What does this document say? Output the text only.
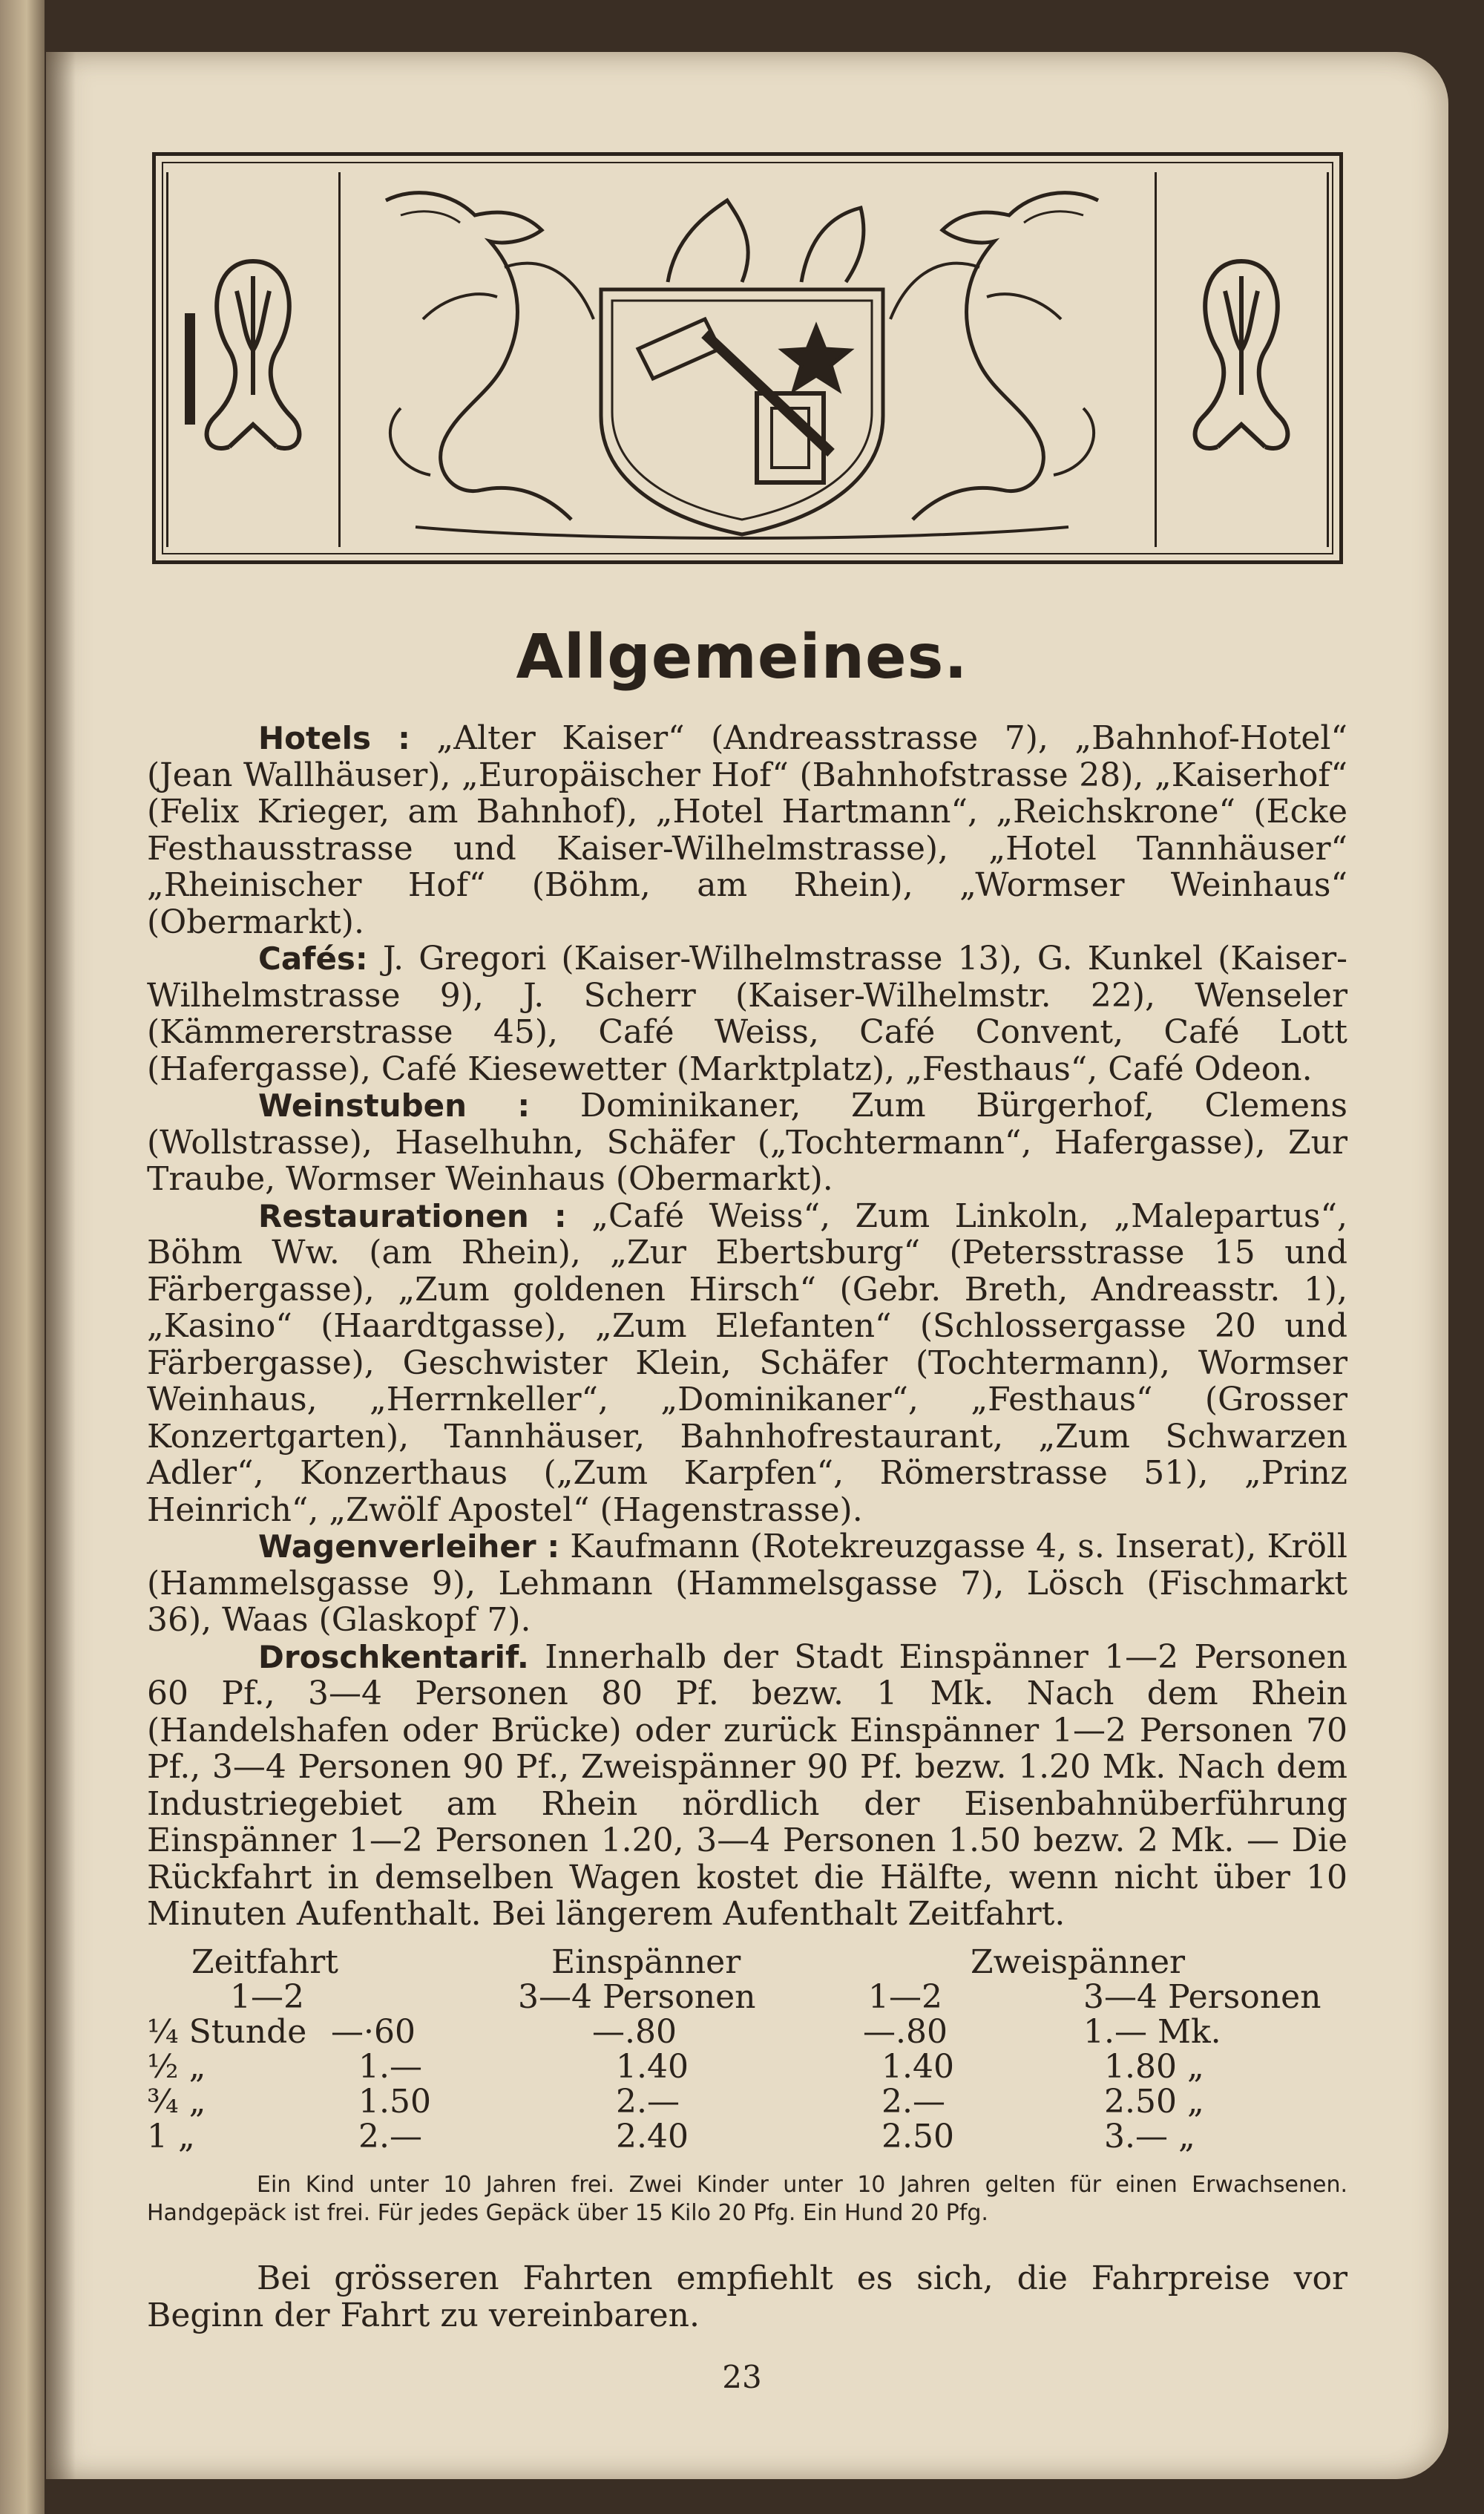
Allgemeines.

Hotels : „Alter Kaiser“ (Andreasstrasse 7), „Bahnhof-Hotel“ (Jean Wallhäuser), „Europäischer Hof“ (Bahnhofstrasse 28), „Kaiserhof“ (Felix Krieger, am Bahnhof), „Hotel Hartmann“, „Reichskrone“ (Ecke Festhausstrasse und Kaiser-Wilhelmstrasse), „Hotel Tannhäuser“ „Rheinischer Hof“ (Böhm, am Rhein), „Wormser Weinhaus“ (Obermarkt).

Cafés: J. Gregori (Kaiser-Wilhelmstrasse 13), G. Kunkel (Kaiser-Wilhelmstrasse 9), J. Scherr (Kaiser-Wilhelmstr. 22), Wenseler (Kämmererstrasse 45), Café Weiss, Café Convent, Café Lott (Hafergasse), Café Kiesewetter (Marktplatz), „Festhaus“, Café Odeon.

Weinstuben : Dominikaner, Zum Bürgerhof, Clemens (Wollstrasse), Haselhuhn, Schäfer („Tochtermann“, Hafergasse), Zur Traube, Wormser Weinhaus (Obermarkt).

Restaurationen : „Café Weiss“, Zum Linkoln, „Malepartus“, Böhm Ww. (am Rhein), „Zur Ebertsburg“ (Petersstrasse 15 und Färbergasse), „Zum goldenen Hirsch“ (Gebr. Breth, Andreasstr. 1), „Kasino“ (Haardtgasse), „Zum Elefanten“ (Schlossergasse 20 und Färbergasse), Geschwister Klein, Schäfer (Tochtermann), Wormser Weinhaus, „Herrnkeller“, „Dominikaner“, „Festhaus“ (Grosser Konzertgarten), Tannhäuser, Bahnhofrestaurant, „Zum Schwarzen Adler“, Konzerthaus („Zum Karpfen“, Römerstrasse 51), „Prinz Heinrich“, „Zwölf Apostel“ (Hagenstrasse).

Wagenverleiher : Kaufmann (Rotekreuzgasse 4, s. Inserat), Kröll (Hammelsgasse 9), Lehmann (Hammelsgasse 7), Lösch (Fischmarkt 36), Waas (Glaskopf 7).

Droschkentarif. Innerhalb der Stadt Einspänner 1—2 Personen 60 Pf., 3—4 Personen 80 Pf. bezw. 1 Mk. Nach dem Rhein (Handelshafen oder Brücke) oder zurück Einspänner 1—2 Personen 70 Pf., 3—4 Personen 90 Pf., Zweispänner 90 Pf. bezw. 1.20 Mk. Nach dem Industriegebiet am Rhein nördlich der Eisenbahnüberführung Einspänner 1—2 Personen 1.20, 3—4 Personen 1.50 bezw. 2 Mk. — Die Rückfahrt in demselben Wagen kostet die Hälfte, wenn nicht über 10 Minuten Aufenthalt. Bei längerem Aufenthalt Zeitfahrt.

Zeitfahrt	Einspänner	Zweispänner
1—2	3—4 Personen	1—2	3—4 Personen
¼ Stunde —·60	—.80	—.80	1.— Mk.
½ „	1.—	1.40	1.40	1.80 „
¾ „	1.50	2.—	2.—	2.50 „
1 „	2.—	2.40	2.50	3.— „
Ein Kind unter 10 Jahren frei. Zwei Kinder unter 10 Jahren gelten für einen Erwachsenen. Handgepäck ist frei. Für jedes Gepäck über 15 Kilo 20 Pfg. Ein Hund 20 Pfg.
Bei grösseren Fahrten empfiehlt es sich, die Fahrpreise vor Beginn der Fahrt zu vereinbaren.
23
